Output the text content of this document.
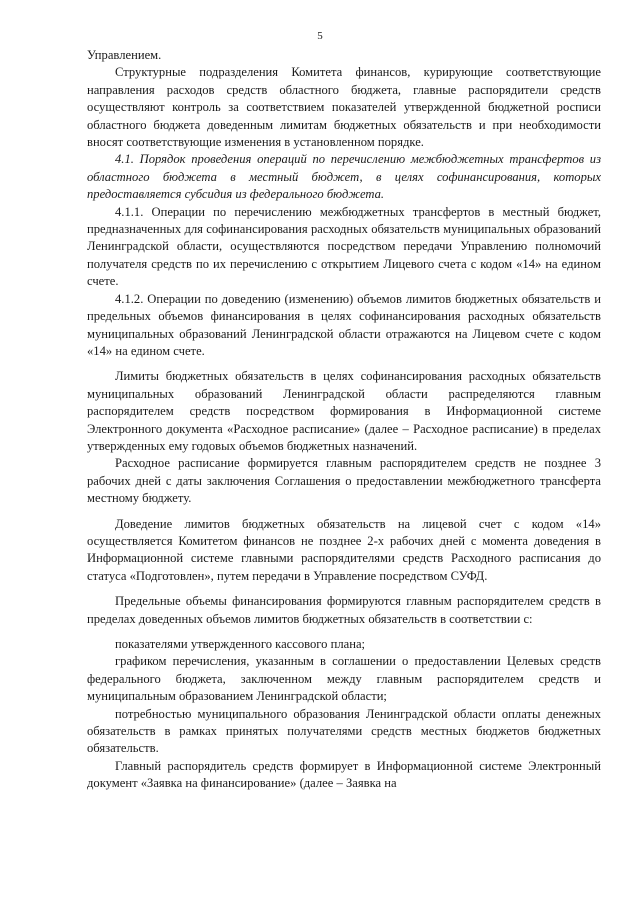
5

Управлением.

Структурные подразделения Комитета финансов, курирующие соответствующие направления расходов средств областного бюджета, главные распорядители средств осуществляют контроль за соответствием показателей утвержденной бюджетной росписи областного бюджета доведенным лимитам бюджетных обязательств и при необходимости вносят соответствующие изменения в установленном порядке.

4.1. Порядок проведения операций по перечислению межбюджетных трансфертов из областного бюджета в местный бюджет, в целях софинансирования, которых предоставляется субсидия из федерального бюджета.

4.1.1. Операции по перечислению межбюджетных трансфертов в местный бюджет, предназначенных для софинансирования расходных обязательств муниципальных образований Ленинградской области, осуществляются посредством передачи Управлению полномочий получателя средств по их перечислению с открытием Лицевого счета с кодом «14» на едином счете.

4.1.2. Операции по доведению (изменению) объемов лимитов бюджетных обязательств и предельных объемов финансирования в целях софинансирования расходных обязательств муниципальных образований Ленинградской области отражаются на Лицевом счете с кодом «14» на едином счете.

Лимиты бюджетных обязательств в целях софинансирования расходных обязательств муниципальных образований Ленинградской области распределяются главным распорядителем средств посредством формирования в Информационной системе Электронного документа «Расходное расписание» (далее – Расходное расписание) в пределах утвержденных ему годовых объемов бюджетных назначений.

Расходное расписание формируется главным распорядителем средств не позднее 3 рабочих дней с даты заключения Соглашения о предоставлении межбюджетного трансферта местному бюджету.

Доведение лимитов бюджетных обязательств на лицевой счет с кодом «14» осуществляется Комитетом финансов не позднее 2-х рабочих дней с момента доведения в Информационной системе главными распорядителями средств Расходного расписания до статуса «Подготовлен», путем передачи в Управление посредством СУФД.

Предельные объемы финансирования формируются главным распорядителем средств в пределах доведенных объемов лимитов бюджетных обязательств в соответствии с:

показателями утвержденного кассового плана;

графиком перечисления, указанным в соглашении о предоставлении Целевых средств федерального бюджета, заключенном между главным распорядителем средств и муниципальным образованием Ленинградской области;

потребностью муниципального образования Ленинградской области оплаты денежных обязательств в рамках принятых получателями средств местных бюджетов бюджетных обязательств.

Главный распорядитель средств формирует в Информационной системе Электронный документ «Заявка на финансирование» (далее – Заявка на
